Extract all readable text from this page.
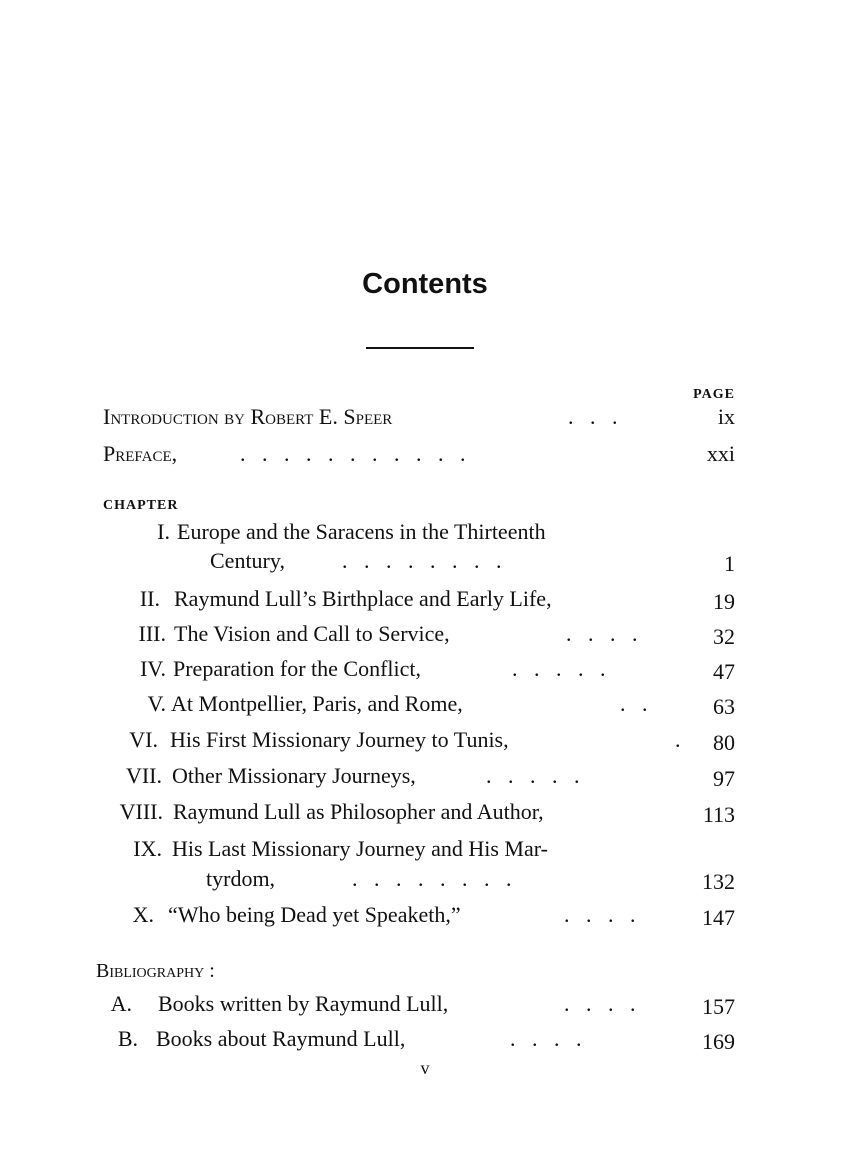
Contents
PAGE
Introduction by Robert E. Speer	.   .   .	ix
Preface,	.   .   .   .   .   .   .   .   .   .   .	xxi
CHAPTER
I. Europe and the Saracens in the Thirteenth
Century,	.   .   .   .   .   .   .   .	1
II. Raymund Lull’s Birthplace and Early Life,	19
III. The Vision and Call to Service,	.   .   .   .	32
IV. Preparation for the Conflict,	.   .   .   .   .	47
V. At Montpellier, Paris, and Rome,	.   .	63
VI. His First Missionary Journey to Tunis,	.	80
VII. Other Missionary Journeys,	.   .   .   .   .	97
VIII. Raymund Lull as Philosopher and Author,	113
IX. His Last Missionary Journey and His Mar-
tyrdom,	.   .   .   .   .   .   .   .	132
X. “Who being Dead yet Speaketh,”	.   .   .   .	147
Bibliography :
A. Books written by Raymund Lull,	.   .   .   .	157
B. Books about Raymund Lull,	.   .   .   .	169
v
